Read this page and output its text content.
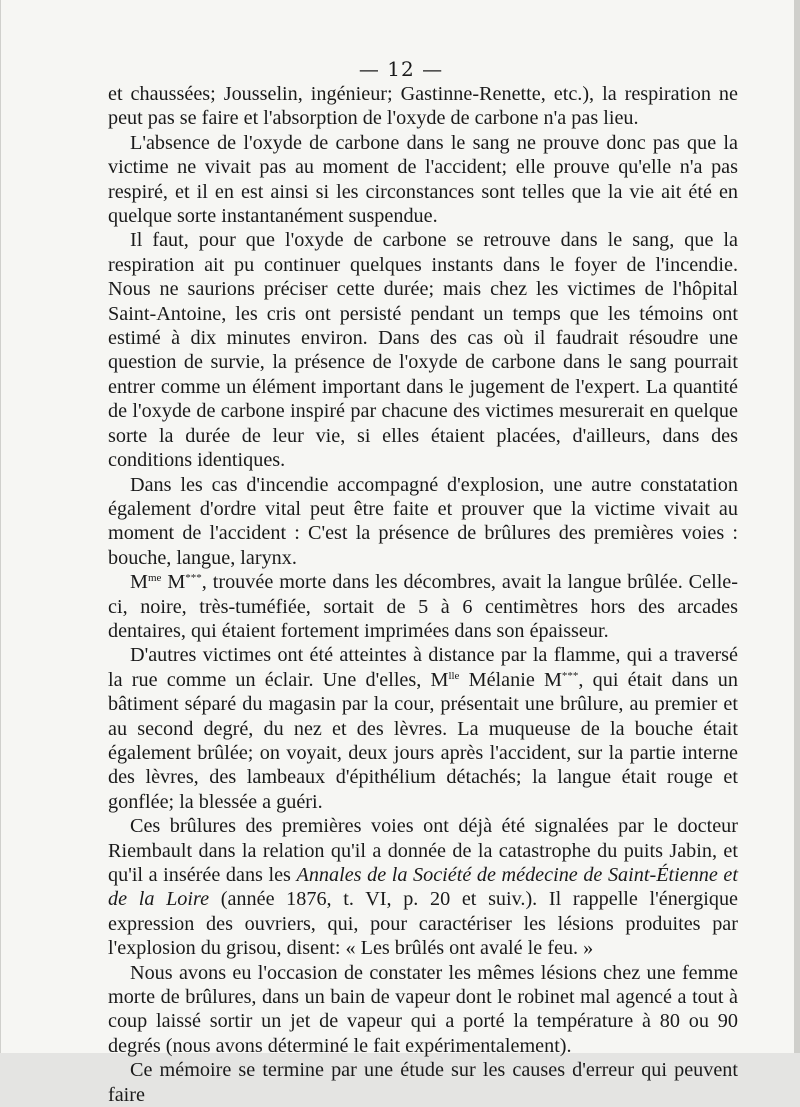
— 12 —

et chaussées; Jousselin, ingénieur; Gastinne-Renette, etc.), la respiration ne peut pas se faire et l'absorption de l'oxyde de carbone n'a pas lieu.

L'absence de l'oxyde de carbone dans le sang ne prouve donc pas que la victime ne vivait pas au moment de l'accident; elle prouve qu'elle n'a pas respiré, et il en est ainsi si les circonstances sont telles que la vie ait été en quelque sorte instantanément suspendue.

Il faut, pour que l'oxyde de carbone se retrouve dans le sang, que la respiration ait pu continuer quelques instants dans le foyer de l'incendie. Nous ne saurions préciser cette durée; mais chez les victimes de l'hôpital Saint-Antoine, les cris ont persisté pendant un temps que les témoins ont estimé à dix minutes environ. Dans des cas où il faudrait résoudre une question de survie, la présence de l'oxyde de carbone dans le sang pourrait entrer comme un élément important dans le jugement de l'expert. La quantité de l'oxyde de carbone inspiré par chacune des victimes mesurerait en quelque sorte la durée de leur vie, si elles étaient placées, d'ailleurs, dans des conditions identiques.

Dans les cas d'incendie accompagné d'explosion, une autre constatation également d'ordre vital peut être faite et prouver que la victime vivait au moment de l'accident : C'est la présence de brûlures des premières voies : bouche, langue, larynx.

$M^{me}$ M***, trouvée morte dans les décombres, avait la langue brûlée. Celle-ci, noire, très-tuméfiée, sortait de 5 à 6 centimètres hors des arcades dentaires, qui étaient fortement imprimées dans son épaisseur.

D'autres victimes ont été atteintes à distance par la flamme, qui a traversé la rue comme un éclair. Une d'elles, $M^{lle}$ Mélanie M***, qui était dans un bâtiment séparé du magasin par la cour, présentait une brûlure, au premier et au second degré, du nez et des lèvres. La muqueuse de la bouche était également brûlée; on voyait, deux jours après l'accident, sur la partie interne des lèvres, des lambeaux d'épithélium détachés; la langue était rouge et gonflée; la blessée a guéri.

Ces brûlures des premières voies ont déjà été signalées par le docteur Riembault dans la relation qu'il a donnée de la catastrophe du puits Jabin, et qu'il a insérée dans les Annales de la Société de médecine de Saint-Étienne et de la Loire (année 1876, t. VI, p. 20 et suiv.). Il rappelle l'énergique expression des ouvriers, qui, pour caractériser les lésions produites par l'explosion du grisou, disent: « Les brûlés ont avalé le feu. »

Nous avons eu l'occasion de constater les mêmes lésions chez une femme morte de brûlures, dans un bain de vapeur dont le robinet mal agencé a tout à coup laissé sortir un jet de vapeur qui a porté la température à 80 ou 90 degrés (nous avons déterminé le fait expérimentalement).

Ce mémoire se termine par une étude sur les causes d'erreur qui peuvent faire
